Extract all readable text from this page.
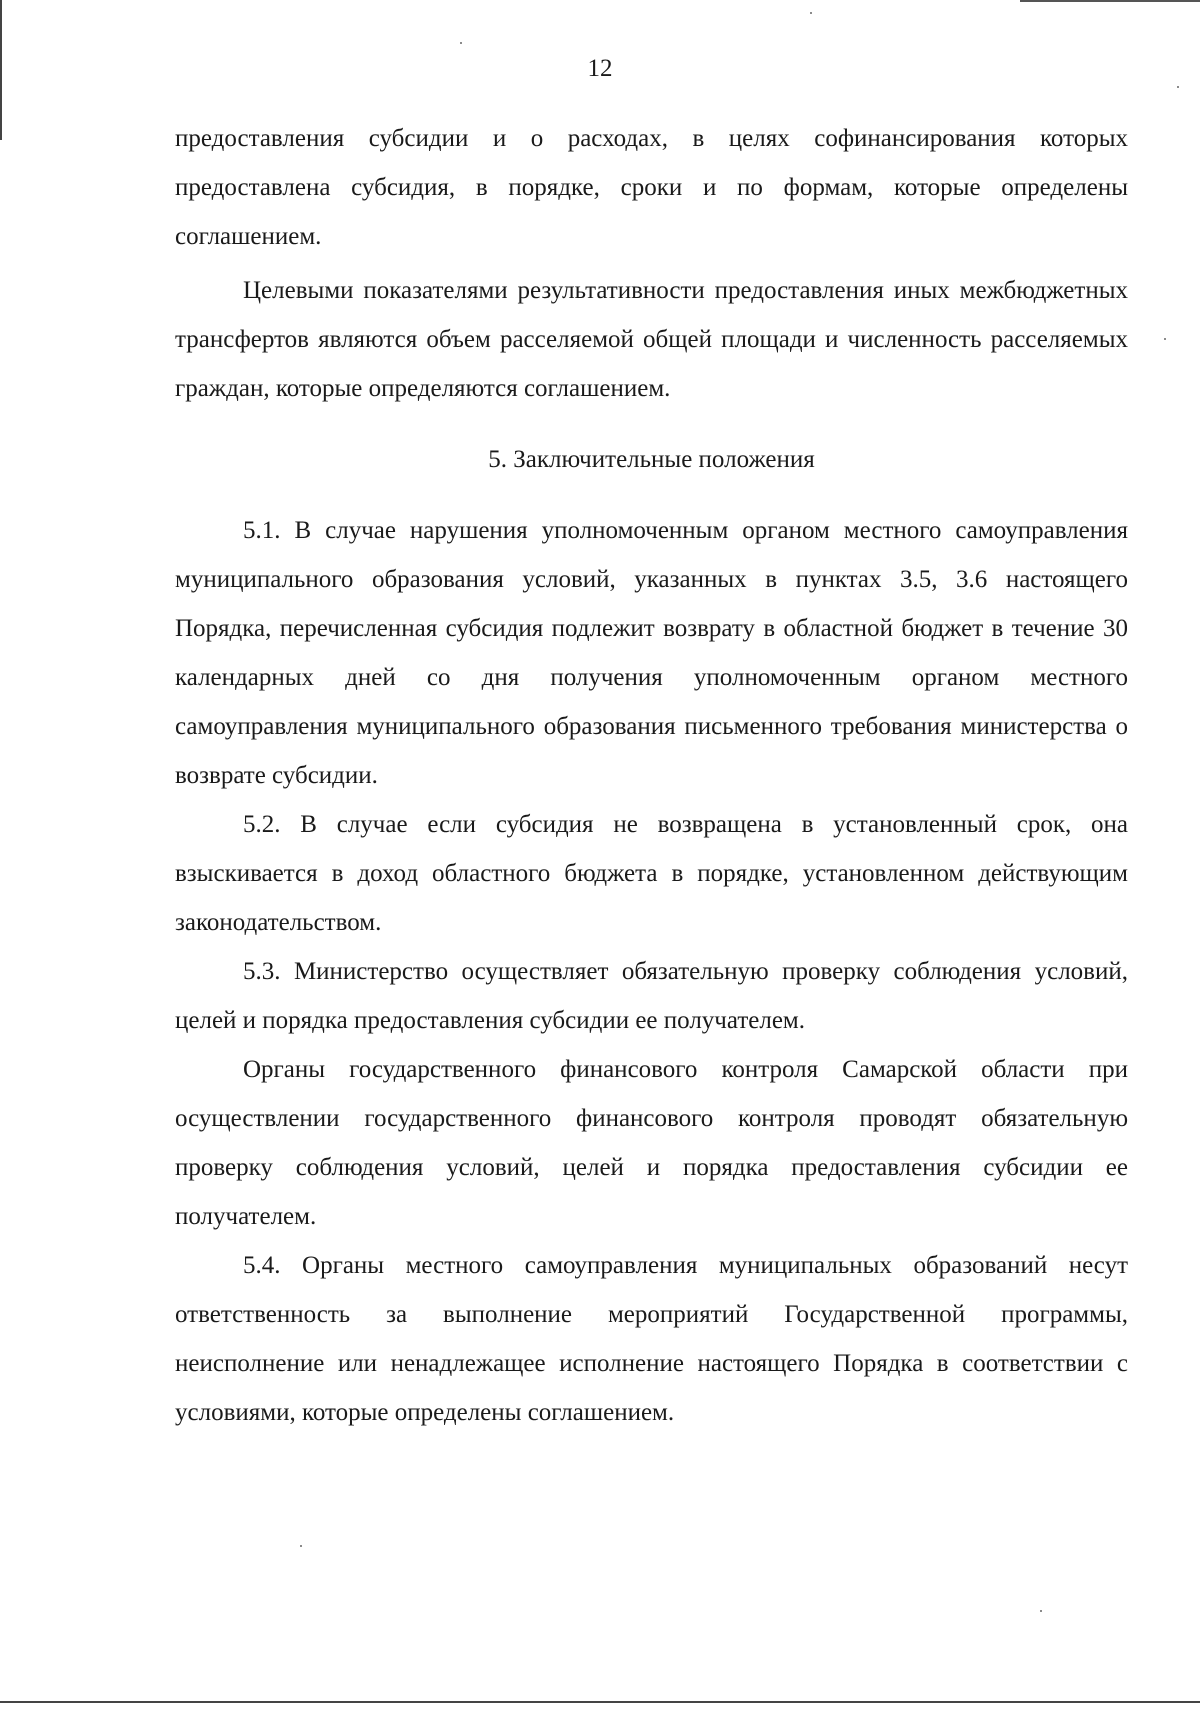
12

предоставления субсидии и о расходах, в целях софинансирования которых предоставлена субсидия, в порядке, сроки и по формам, которые определены соглашением.

Целевыми показателями результативности предоставления иных межбюджетных трансфертов являются объем расселяемой общей площади и численность расселяемых граждан, которые определяются соглашением.

5. Заключительные положения

5.1. В случае нарушения уполномоченным органом местного самоуправления муниципального образования условий, указанных в пунктах 3.5, 3.6 настоящего Порядка, перечисленная субсидия подлежит возврату в областной бюджет в течение 30 календарных дней со дня получения уполномоченным органом местного самоуправления муниципального образования письменного требования министерства о возврате субсидии.

5.2. В случае если субсидия не возвращена в установленный срок, она взыскивается в доход областного бюджета в порядке, установленном действующим законодательством.

5.3. Министерство осуществляет обязательную проверку соблюдения условий, целей и порядка предоставления субсидии ее получателем.

Органы государственного финансового контроля Самарской области при осуществлении государственного финансового контроля проводят обязательную проверку соблюдения условий, целей и порядка предоставления субсидии ее получателем.

5.4. Органы местного самоуправления муниципальных образований несут ответственность за выполнение мероприятий Государственной программы, неисполнение или ненадлежащее исполнение настоящего Порядка в соответствии с условиями, которые определены соглашением.
